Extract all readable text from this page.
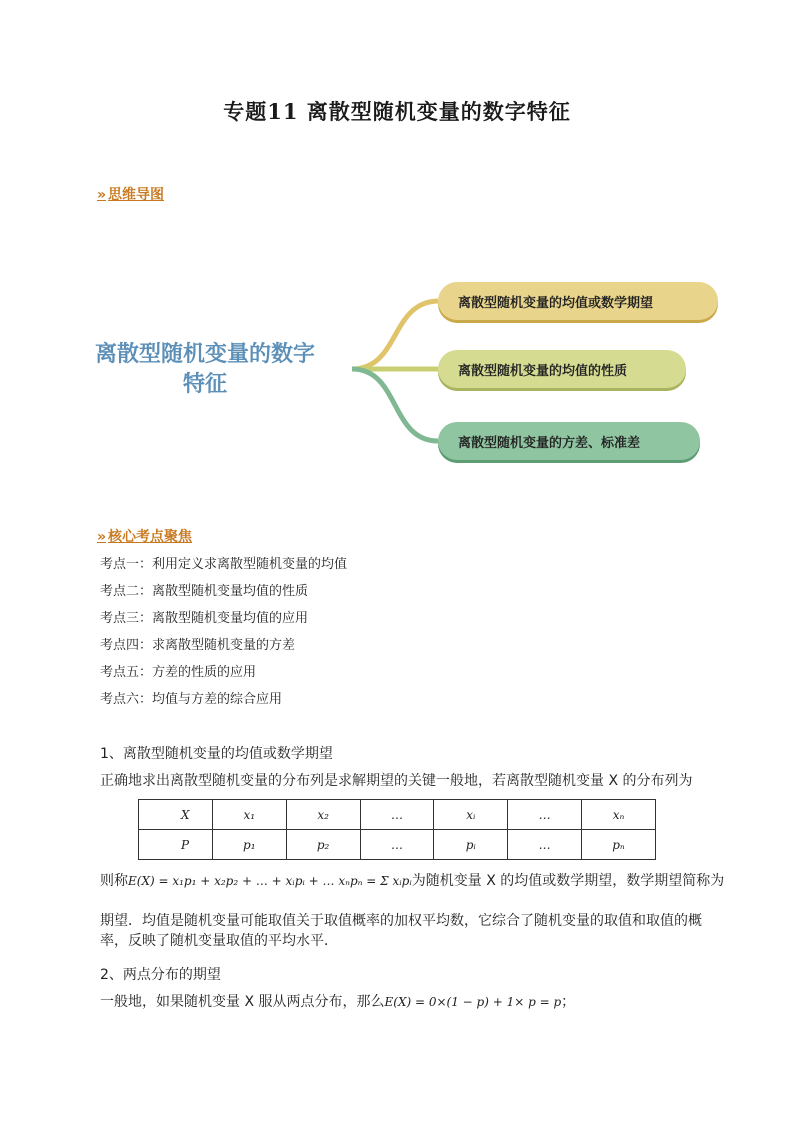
专题11 离散型随机变量的数字特征
» 思维导图
离散型随机变量的数字
特征
离散型随机变量的均值或数学期望
离散型随机变量的均值的性质
离散型随机变量的方差、标准差
» 核心考点聚焦
考点一：利用定义求离散型随机变量的均值
考点二：离散型随机变量均值的性质
考点三：离散型随机变量均值的应用
考点四：求离散型随机变量的方差
考点五：方差的性质的应用
考点六：均值与方差的综合应用
1、离散型随机变量的均值或数学期望
正确地求出离散型随机变量的分布列是求解期望的关键一般地，若离散型随机变量 X 的分布列为
X	x₁	x₂	…	xᵢ	…	xₙ
P	p₁	p₂	…	pᵢ	…	pₙ
则称E(X) = x₁p₁ + x₂p₂ + … + xᵢpᵢ + … xₙpₙ = Σ xᵢpᵢ为随机变量 X 的均值或数学期望，数学期望简称为
期望．均值是随机变量可能取值关于取值概率的加权平均数，它综合了随机变量的取值和取值的概率，反映了随机变量取值的平均水平．
2、两点分布的期望
一般地，如果随机变量 X 服从两点分布，那么E(X) = 0×(1 − p) + 1× p = p；
